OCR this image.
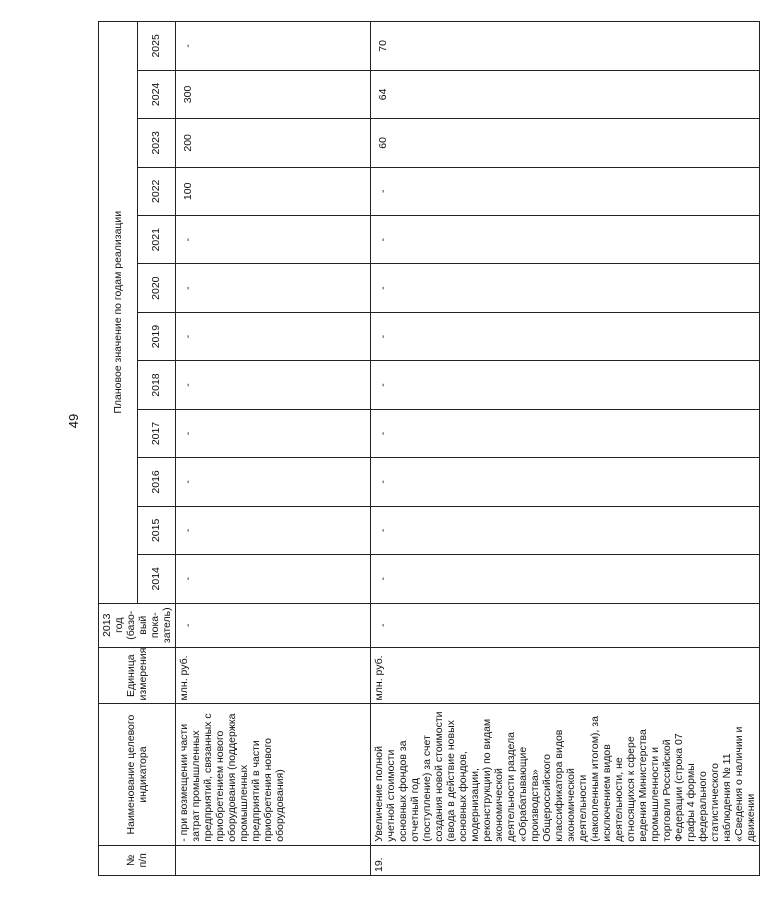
49
№
п/п	Наименование целевого индикатора	Единица измерения	2013 год (базо-вый пока-затель)	Плановое значение по годам реализации											
				2014	2015	2016	2017	2018	2019	2020	2021	2022	2023	2024	2025
	- при возмещении части затрат промышленных предприятий, связанных с приобретением нового оборудования (поддержка промышленных предприятий в части приобретения нового оборудования)	млн. руб.	-	-	-	-	-	-	-	-	-	100	200	300	-
19.	Увеличение полной учетной стоимости основных фондов за отчетный год (поступление) за счет создания новой стоимости (ввода в действие новых основных фондов, модернизации, реконструкции) по видам экономической деятельности раздела «Обрабатывающие производства» Общероссийского классификатора видов экономической деятельности (накопленным итогом), за исключением видов деятельности, не относящихся к сфере ведения Министерства промышленности и торговли Российской Федерации (строка 07 графы 4 формы федерального статистического наблюдения № 11 «Сведения о наличии и движении	млн. руб.	-	-	-	-	-	-	-	-	-	-	60	64	70
